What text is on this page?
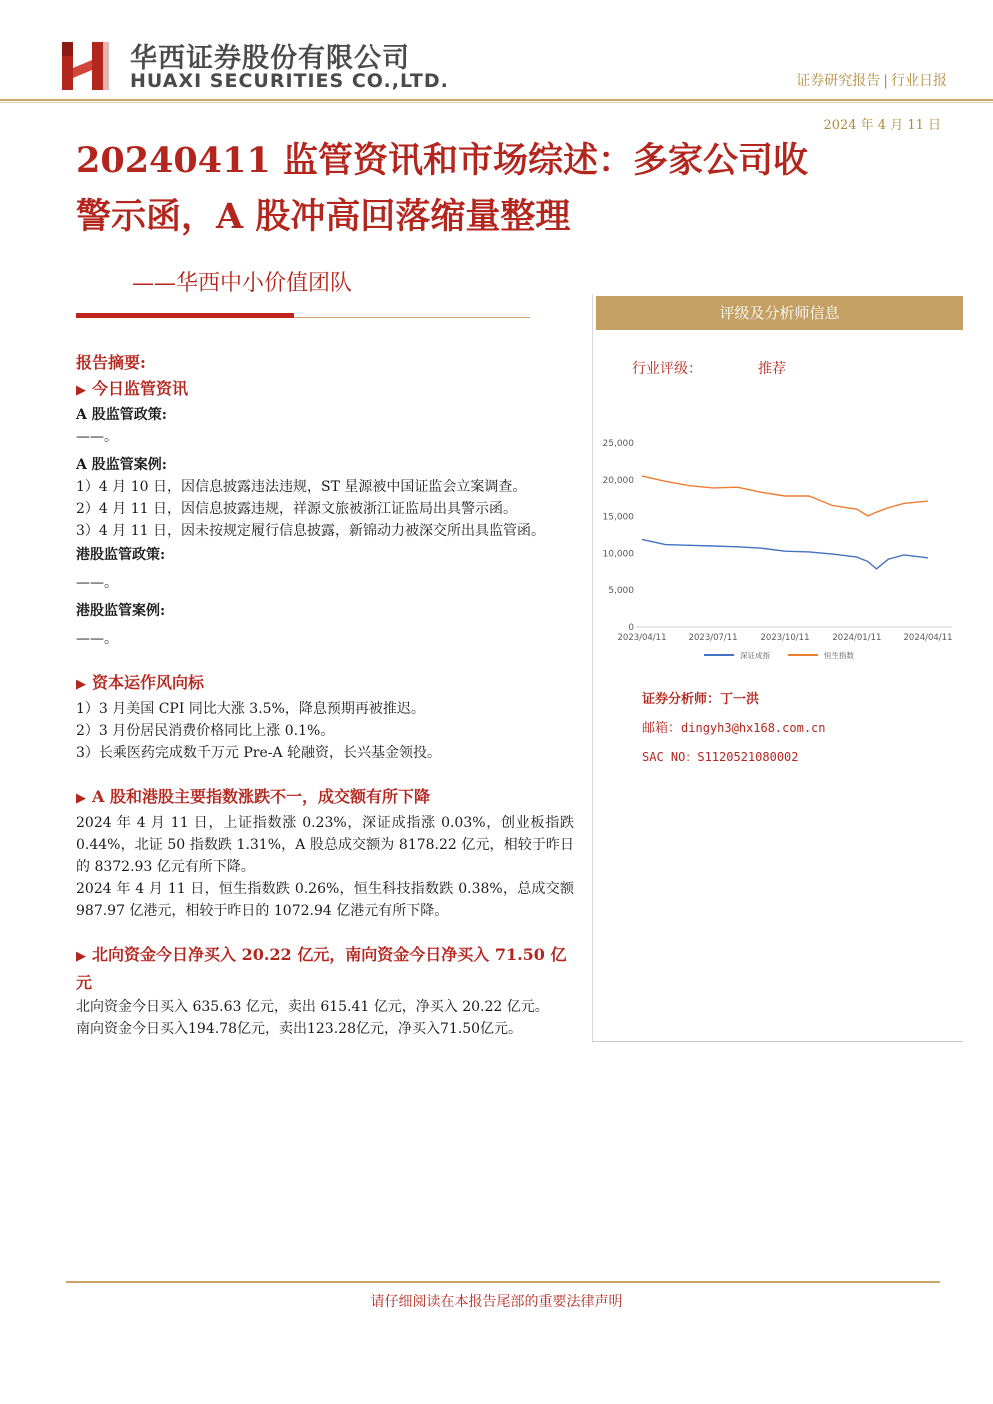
华西证券股份有限公司
HUAXI SECURITIES CO.,LTD.	证券研究报告 | 行业日报
2024 年 4 月 11 日
20240411 监管资讯和市场综述：多家公司收
警示函，A 股冲高回落缩量整理
——华西中小价值团队
报告摘要:
▶ 今日监管资讯
A 股监管政策:
——。
A 股监管案例:
1）4 月 10 日，因信息披露违法违规，ST 星源被中国证监会立案调查。
2）4 月 11 日，因信息披露违规，祥源文旅被浙江证监局出具警示函。
3）4 月 11 日，因未按规定履行信息披露，新锦动力被深交所出具监管函。
港股监管政策:
——。
港股监管案例:
——。
▶ 资本运作风向标
1）3 月美国 CPI 同比大涨 3.5%，降息预期再被推迟。
2）3 月份居民消费价格同比上涨 0.1%。
3）长乘医药完成数千万元 Pre-A 轮融资，长兴基金领投。
▶ A 股和港股主要指数涨跌不一，成交额有所下降
2024 年 4 月 11 日，上证指数涨 0.23%，深证成指涨 0.03%，创业板指跌 0.44%，北证 50 指数跌 1.31%，A 股总成交额为 8178.22 亿元，相较于昨日的 8372.93 亿元有所下降。
2024 年 4 月 11 日，恒生指数跌 0.26%，恒生科技指数跌 0.38%，总成交额 987.97 亿港元，相较于昨日的 1072.94 亿港元有所下降。
▶ 北向资金今日净买入 20.22 亿元，南向资金今日净买入 71.50 亿元
北向资金今日买入 635.63 亿元，卖出 615.41 亿元，净买入 20.22 亿元。
南向资金今日买入194.78亿元，卖出123.28亿元，净买入71.50亿元。
评级及分析师信息
行业评级：	推荐
25,000
20,000
15,000
10,000
5,000
0
2023/04/11	2023/07/11	2023/10/11	2024/01/11	2024/04/11
深证成指	恒生指数
证券分析师：丁一洪
邮箱：dingyh3@hx168.com.cn
SAC NO：S1120521080002
请仔细阅读在本报告尾部的重要法律声明
